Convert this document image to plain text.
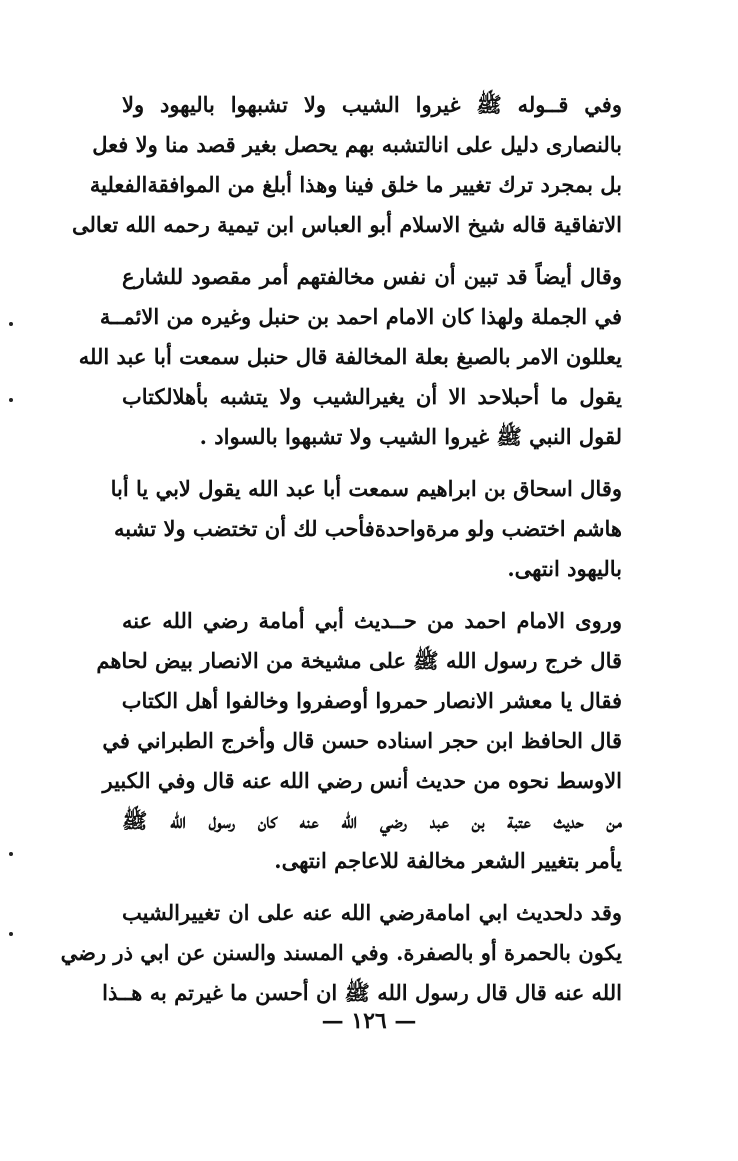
وفي قــوله ﷺ غيروا الشيب ولا تشبهوا باليهود ولا
بالنصارى دليل على انالتشبه بهم يحصل بغير قصد منا ولا فعل
بل بمجرد ترك تغيير ما خلق فينا وهذا أبلغ من الموافقةالفعلية
الاتفاقية قاله شيخ الاسلام أبو العباس ابن تيمية رحمه الله تعالى
وقال أيضاً قد تبين أن نفس مخالفتهم أمر مقصود للشارع
في الجملة ولهذا كان الامام احمد بن حنبل وغيره من الائمــة
يعللون الامر بالصبغ بعلة المخالفة قال حنبل سمعت أبا عبد الله
يقول ما أحبلاحد الا أن يغيرالشيب ولا يتشبه بأهلالكتاب
لقول النبي ﷺ غيروا الشيب ولا تشبهوا بالسواد .
وقال اسحاق بن ابراهيم سمعت أبا عبد الله يقول لابي يا أبا
هاشم اختضب ولو مرةواحدةفأحب لك أن تختضب ولا تشبه
باليهود انتهى.
وروى الامام احمد من حــديث أبي أمامة رضي الله عنه
قال خرج رسول الله ﷺ على مشيخة من الانصار بيض لحاهم
فقال يا معشر الانصار حمروا أوصفروا وخالفوا أهل الكتاب
قال الحافظ ابن حجر اسناده حسن قال وأخرج الطبراني في
الاوسط نحوه من حديث أنس رضي الله عنه قال وفي الكبير
من حديث عتبة بن عبد رضي الله عنه كان رسول الله ﷺ
يأمر بتغيير الشعر مخالفة للاعاجم انتهى.
وقد دلحديث ابي امامةرضي الله عنه على ان تغييرالشيب
يكون بالحمرة أو بالصفرة. وفي المسند والسنن عن ابي ذر رضي
الله عنه قال قال رسول الله ﷺ ان أحسن ما غيرتم به هــذا
— ١٢٦ —
